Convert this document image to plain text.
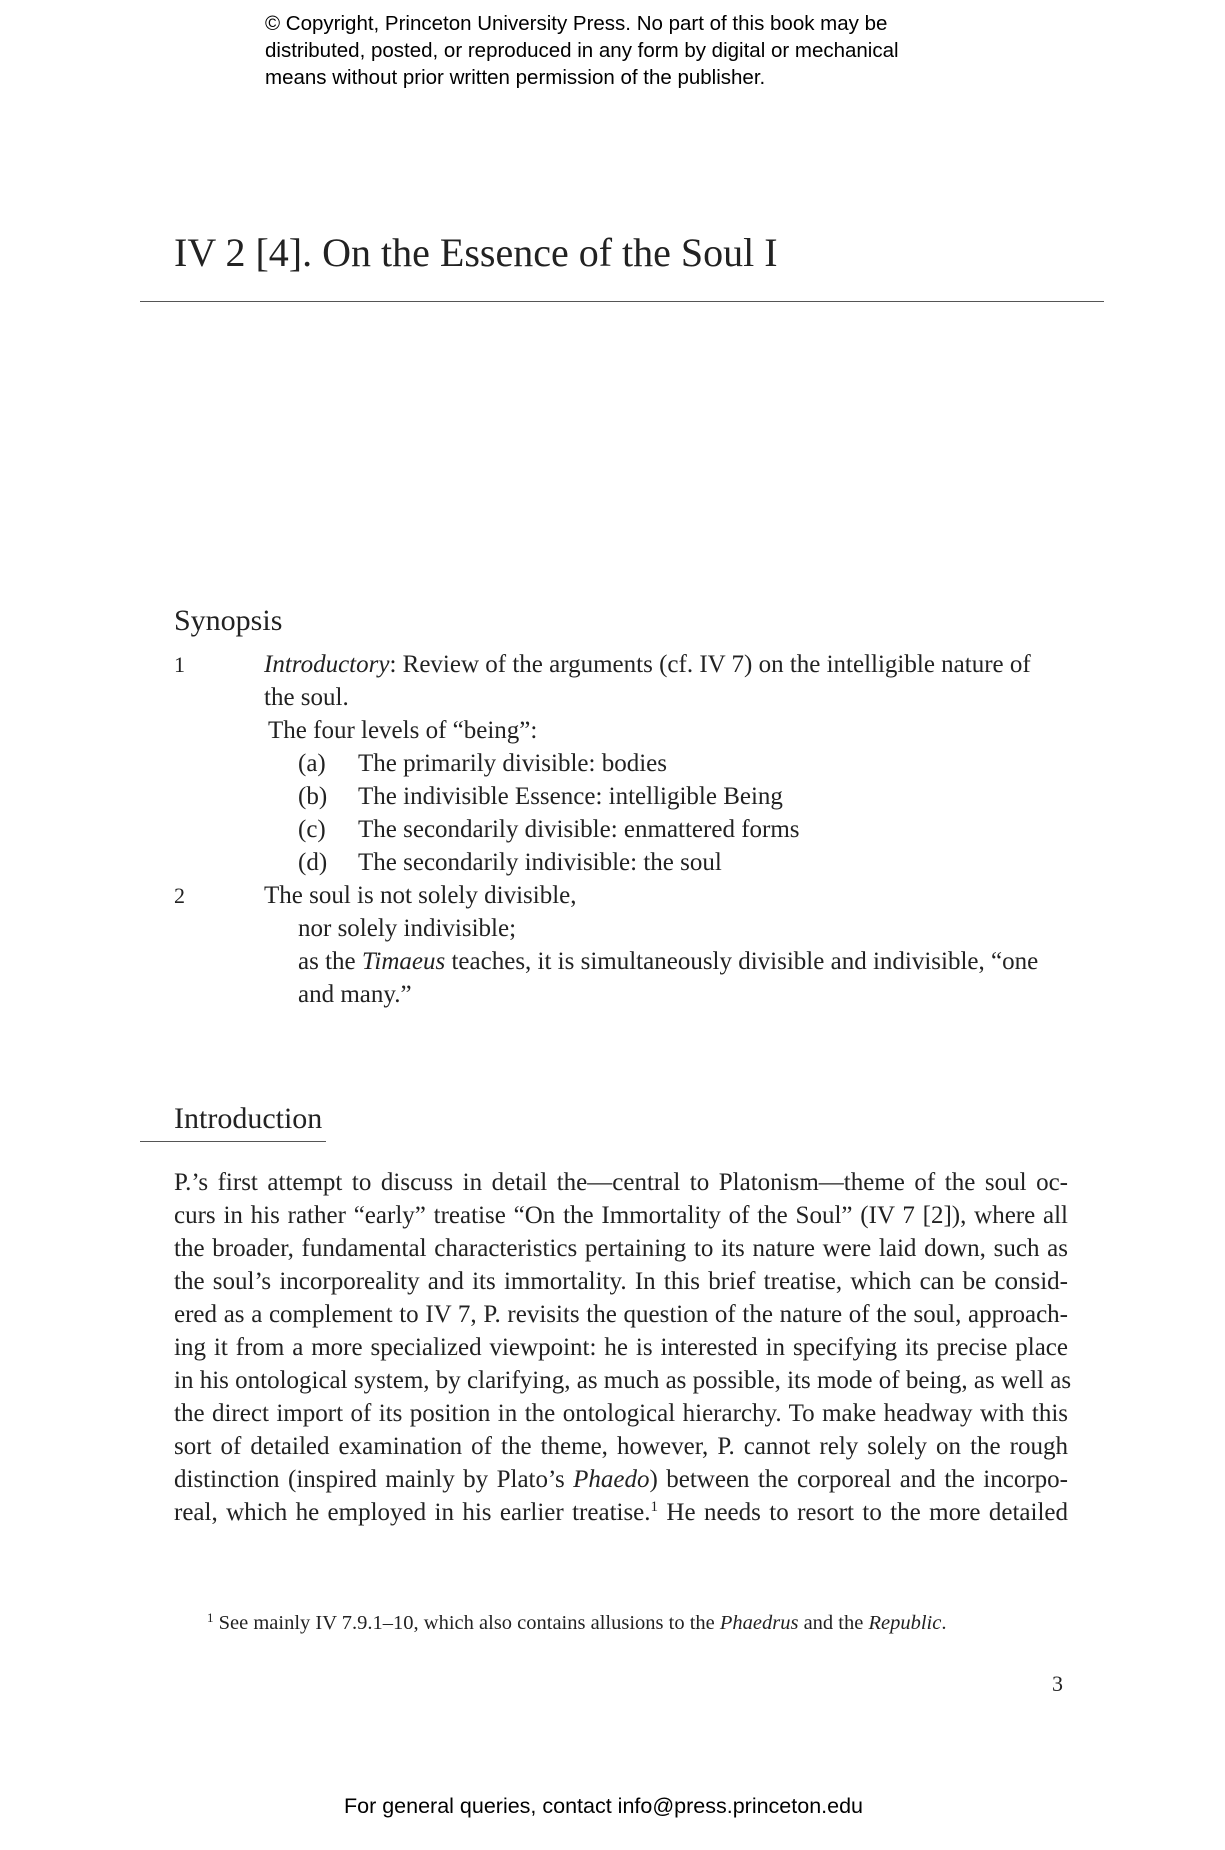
© Copyright, Princeton University Press. No part of this book may be
distributed, posted, or reproduced in any form by digital or mechanical
means without prior written permission of the publisher.
IV 2 [4]. On the Essence of the Soul I
Synopsis
1	Introductory: Review of the arguments (cf. IV 7) on the intelligible nature of
the soul.
The four levels of “being”:
(a) The primarily divisible: bodies
(b) The indivisible Essence: intelligible Being
(c) The secondarily divisible: enmattered forms
(d) The secondarily indivisible: the soul
2	The soul is not solely divisible,
nor solely indivisible;
as the Timaeus teaches, it is simultaneously divisible and indivisible, “one
and many.”
Introduction
P.’s first attempt to discuss in detail the—central to Platonism—theme of the soul oc-
curs in his rather “early” treatise “On the Immortality of the Soul” (IV 7 [2]), where all
the broader, fundamental characteristics pertaining to its nature were laid down, such as
the soul’s incorporeality and its immortality. In this brief treatise, which can be consid-
ered as a complement to IV 7, P. revisits the question of the nature of the soul, approach-
ing it from a more specialized viewpoint: he is interested in specifying its precise place
in his ontological system, by clarifying, as much as possible, its mode of being, as well as
the direct import of its position in the ontological hierarchy. To make headway with this
sort of detailed examination of the theme, however, P. cannot rely solely on the rough
distinction (inspired mainly by Plato’s Phaedo) between the corporeal and the incorpo-
real, which he employed in his earlier treatise.$^1$ He needs to resort to the more detailed
$^1$ See mainly IV 7.9.1–10, which also contains allusions to the Phaedrus and the Republic.
3
For general queries, contact info@press.princeton.edu
